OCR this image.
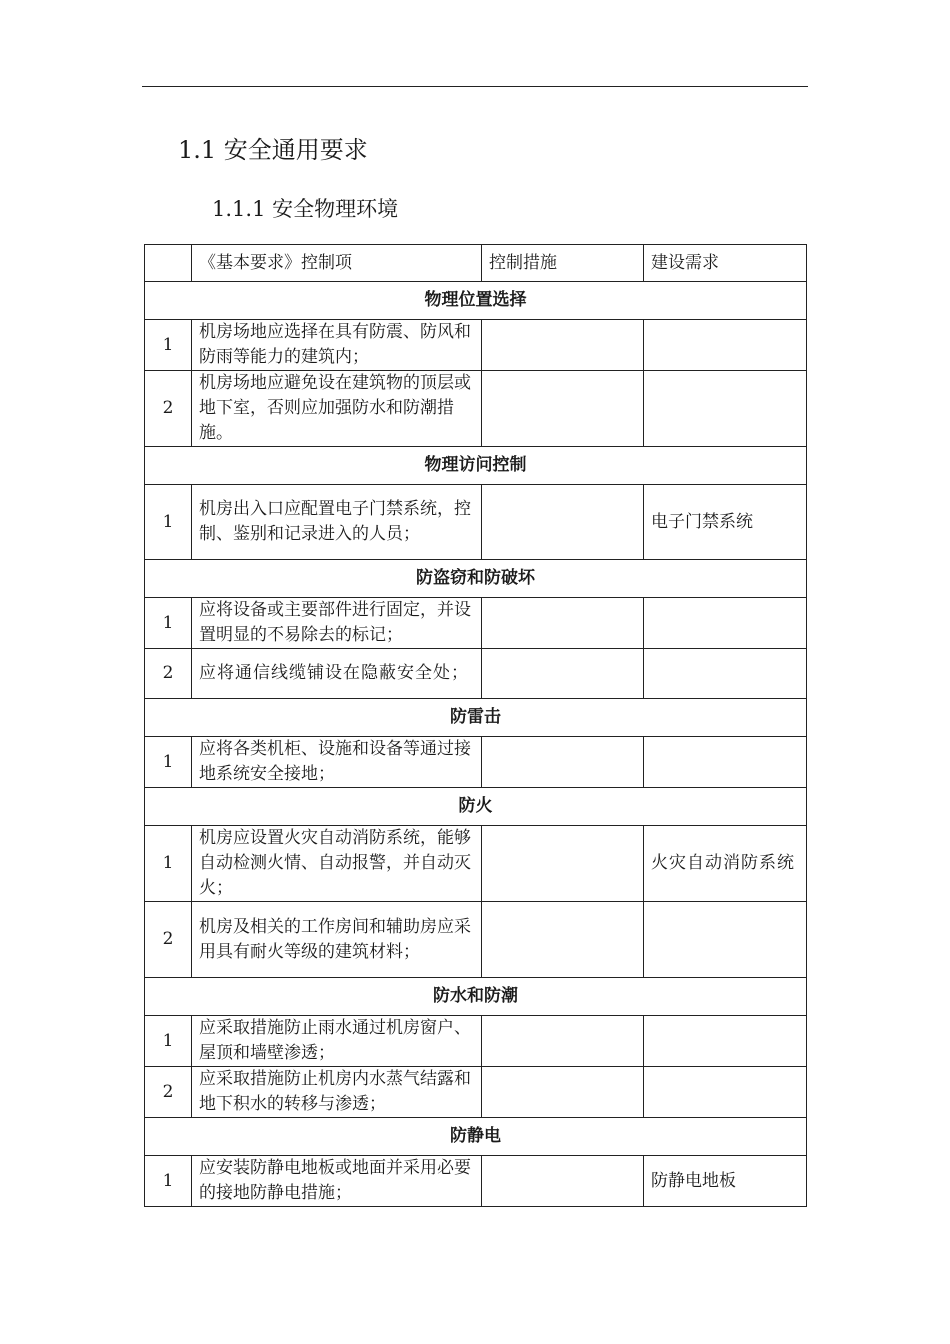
1.1 安全通用要求
1.1.1 安全物理环境
	《基本要求》控制项	控制措施	建设需求
物理位置选择			
1	机房场地应选择在具有防震、防风和防雨等能力的建筑内；		
2	机房场地应避免设在建筑物的顶层或地下室，否则应加强防水和防潮措施。		
物理访问控制			
1	机房出入口应配置电子门禁系统，控制、鉴别和记录进入的人员；		电子门禁系统
防盗窃和防破坏			
1	应将设备或主要部件进行固定，并设置明显的不易除去的标记；		
2	应将通信线缆铺设在隐蔽安全处；		
防雷击			
1	应将各类机柜、设施和设备等通过接地系统安全接地；		
防火			
1	机房应设置火灾自动消防系统，能够自动检测火情、自动报警，并自动灭火；		火灾自动消防系统
2	机房及相关的工作房间和辅助房应采用具有耐火等级的建筑材料；		
防水和防潮			
1	应采取措施防止雨水通过机房窗户、屋顶和墙壁渗透；		
2	应采取措施防止机房内水蒸气结露和地下积水的转移与渗透；		
防静电			
1	应安装防静电地板或地面并采用必要的接地防静电措施；		防静电地板
